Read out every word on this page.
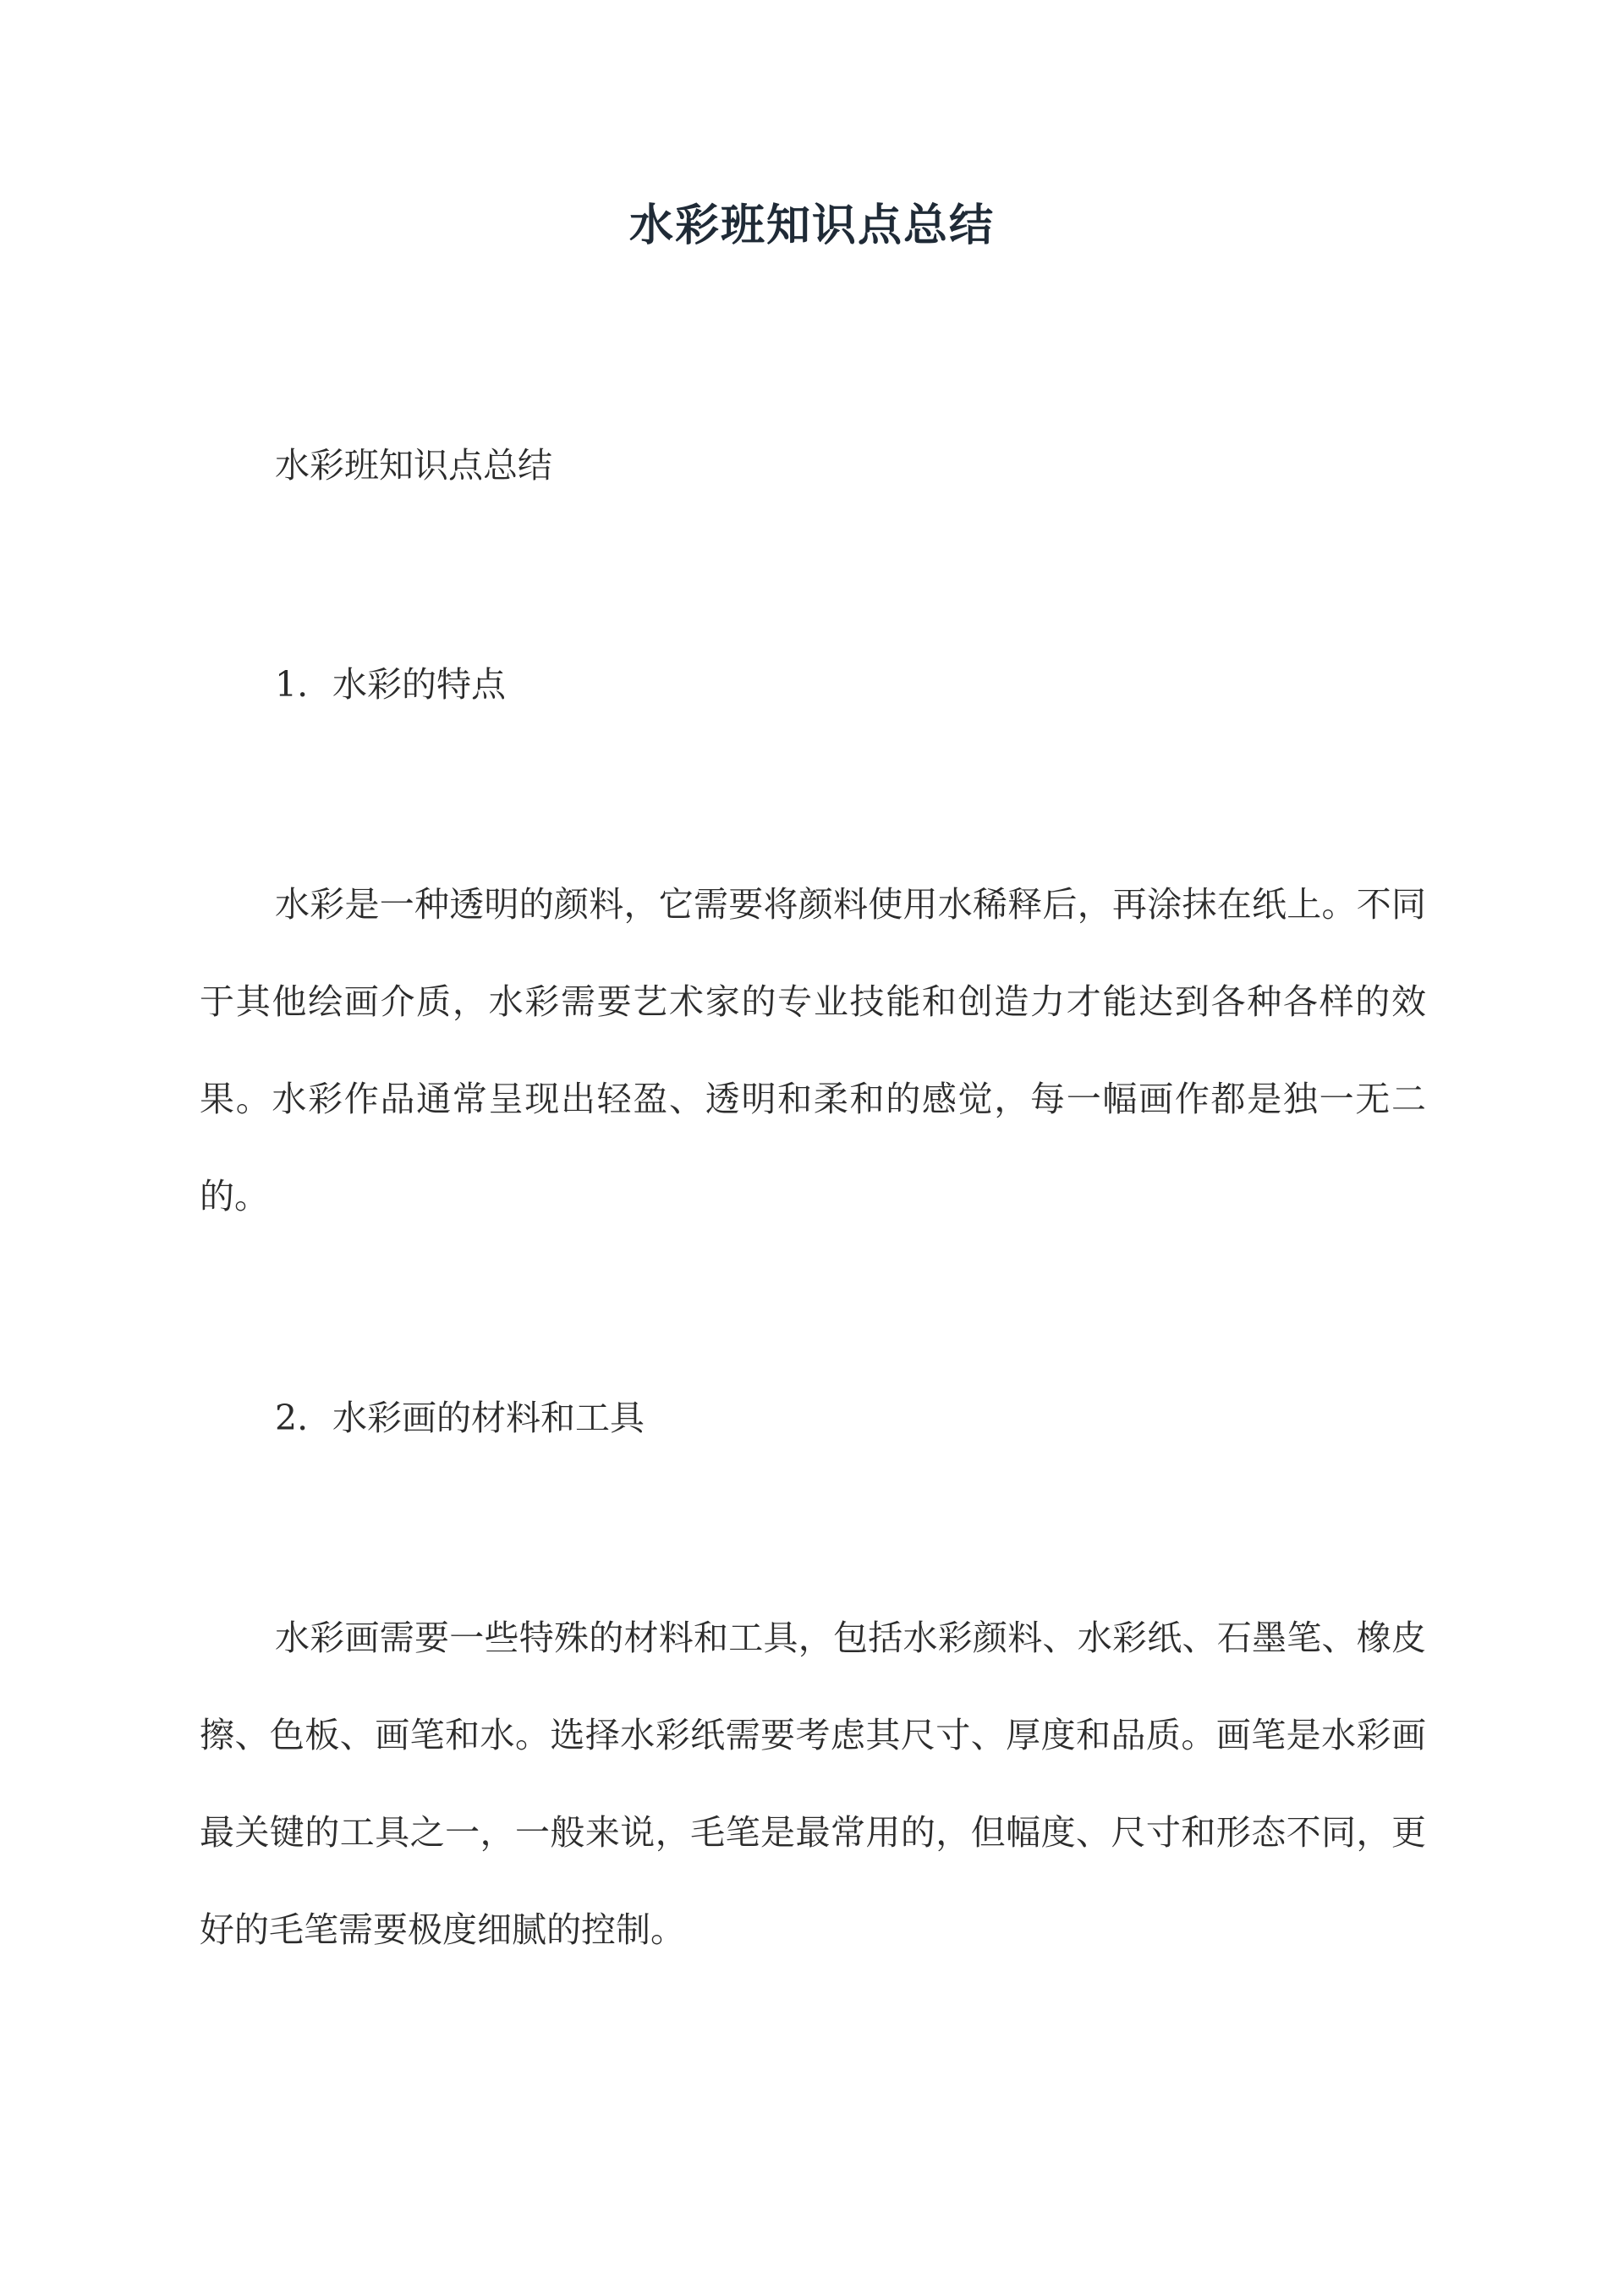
水彩班知识点总结
水彩班知识点总结
1. 水彩的特点

水彩是一种透明的颜料，它需要将颜料使用水稀释后，再涂抹在纸上。不同于其他绘画介质，水彩需要艺术家的专业技能和创造力才能达到各种各样的效果。水彩作品通常呈现出轻盈、透明和柔和的感觉，每一幅画作都是独一无二的。

2. 水彩画的材料和工具

水彩画需要一些特殊的材料和工具，包括水彩颜料、水彩纸、石墨笔、橡皮擦、色板、画笔和水。选择水彩纸需要考虑其尺寸、厚度和品质。画笔是水彩画最关键的工具之一，一般来说，毛笔是最常用的，但幅度、尺寸和形态不同，更好的毛笔需要极度细腻的控制。
